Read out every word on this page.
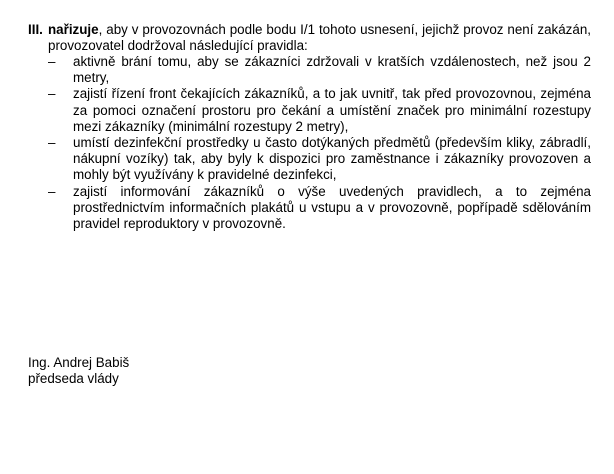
III. nařizuje, aby v provozovnách podle bodu I/1 tohoto usnesení, jejichž provoz není zakázán, provozovatel dodržoval následující pravidla:

– aktivně brání tomu, aby se zákazníci zdržovali v kratších vzdálenostech, než jsou 2 metry,
– zajistí řízení front čekajících zákazníků, a to jak uvnitř, tak před provozovnou, zejména za pomoci označení prostoru pro čekání a umístění značek pro minimální rozestupy mezi zákazníky (minimální rozestupy 2 metry),
– umístí dezinfekční prostředky u často dotýkaných předmětů (především kliky, zábradlí, nákupní vozíky) tak, aby byly k dispozici pro zaměstnance i zákazníky provozoven a mohly být využívány k pravidelné dezinfekci,
– zajistí informování zákazníků o výše uvedených pravidlech, a to zejména prostřednictvím informačních plakátů u vstupu a v provozovně, popřípadě sdělováním pravidel reproduktory v provozovně.
Ing. Andrej Babiš
předseda vlády
